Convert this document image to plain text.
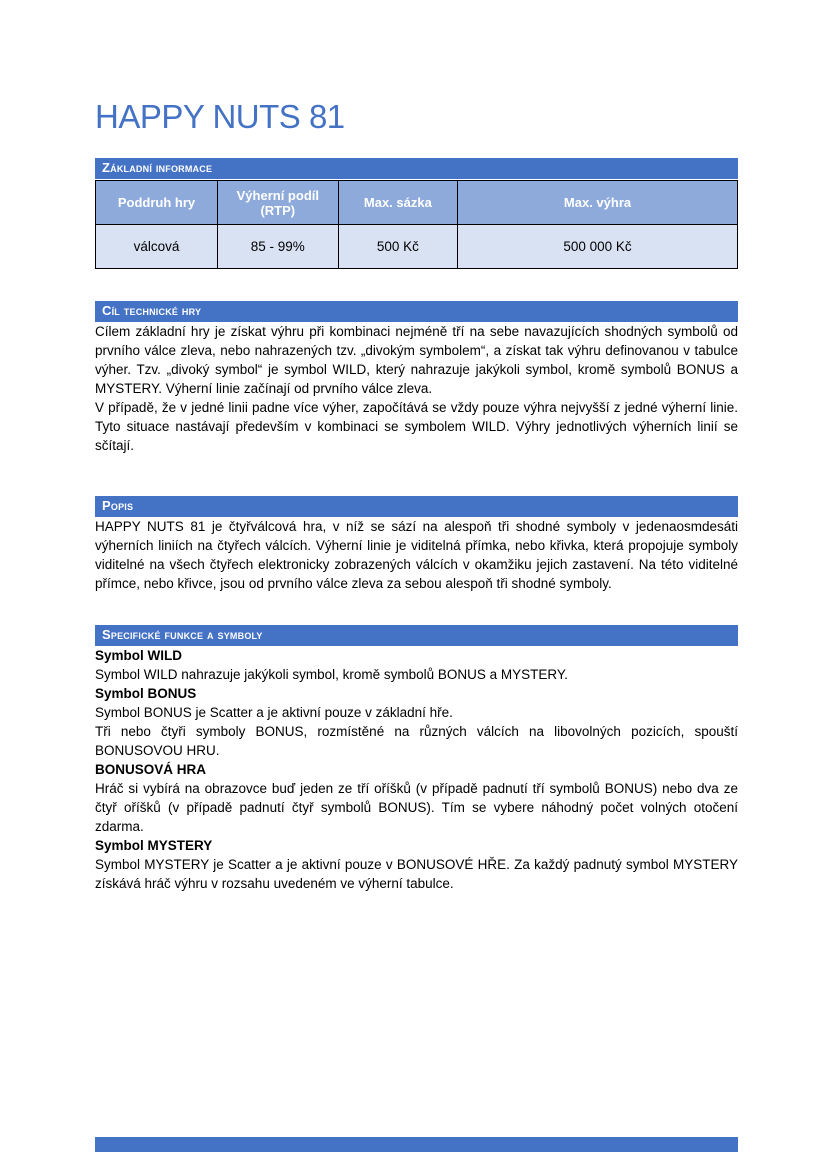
HAPPY NUTS 81
Základní informace
Poddruh hry	Výherní podíl (RTP)	Max. sázka	Max. výhra
válcová	85 - 99%	500 Kč	500 000 Kč
Cíl technické hry

Cílem základní hry je získat výhru při kombinaci nejméně tří na sebe navazujících shodných symbolů od prvního válce zleva, nebo nahrazených tzv. „divokým symbolem“, a získat tak výhru definovanou v tabulce výher. Tzv. „divoký symbol“ je symbol WILD, který nahrazuje jakýkoli symbol, kromě symbolů BONUS a MYSTERY. Výherní linie začínají od prvního válce zleva.

V případě, že v jedné linii padne více výher, započítává se vždy pouze výhra nejvyšší z jedné výherní linie. Tyto situace nastávají především v kombinaci se symbolem WILD. Výhry jednotlivých výherních linií se sčítají.

Popis

HAPPY NUTS 81 je čtyřválcová hra, v níž se sází na alespoň tři shodné symboly v jedenaosmdesáti výherních liniích na čtyřech válcích. Výherní linie je viditelná přímka, nebo křivka, která propojuje symboly viditelné na všech čtyřech elektronicky zobrazených válcích v okamžiku jejich zastavení. Na této viditelné přímce, nebo křivce, jsou od prvního válce zleva za sebou alespoň tři shodné symboly.

Specifické funkce a symboly
Symbol WILD

Symbol WILD nahrazuje jakýkoli symbol, kromě symbolů BONUS a MYSTERY.

Symbol BONUS

Symbol BONUS je Scatter a je aktivní pouze v základní hře.

Tři nebo čtyři symboly BONUS, rozmístěné na různých válcích na libovolných pozicích, spouští BONUSOVOU HRU.

BONUSOVÁ HRA

Hráč si vybírá na obrazovce buď jeden ze tří oříšků (v případě padnutí tří symbolů BONUS) nebo dva ze čtyř oříšků (v případě padnutí čtyř symbolů BONUS). Tím se vybere náhodný počet volných otočení zdarma.

Symbol MYSTERY

Symbol MYSTERY je Scatter a je aktivní pouze v BONUSOVÉ HŘE. Za každý padnutý symbol MYSTERY získává hráč výhru v rozsahu uvedeném ve výherní tabulce.
